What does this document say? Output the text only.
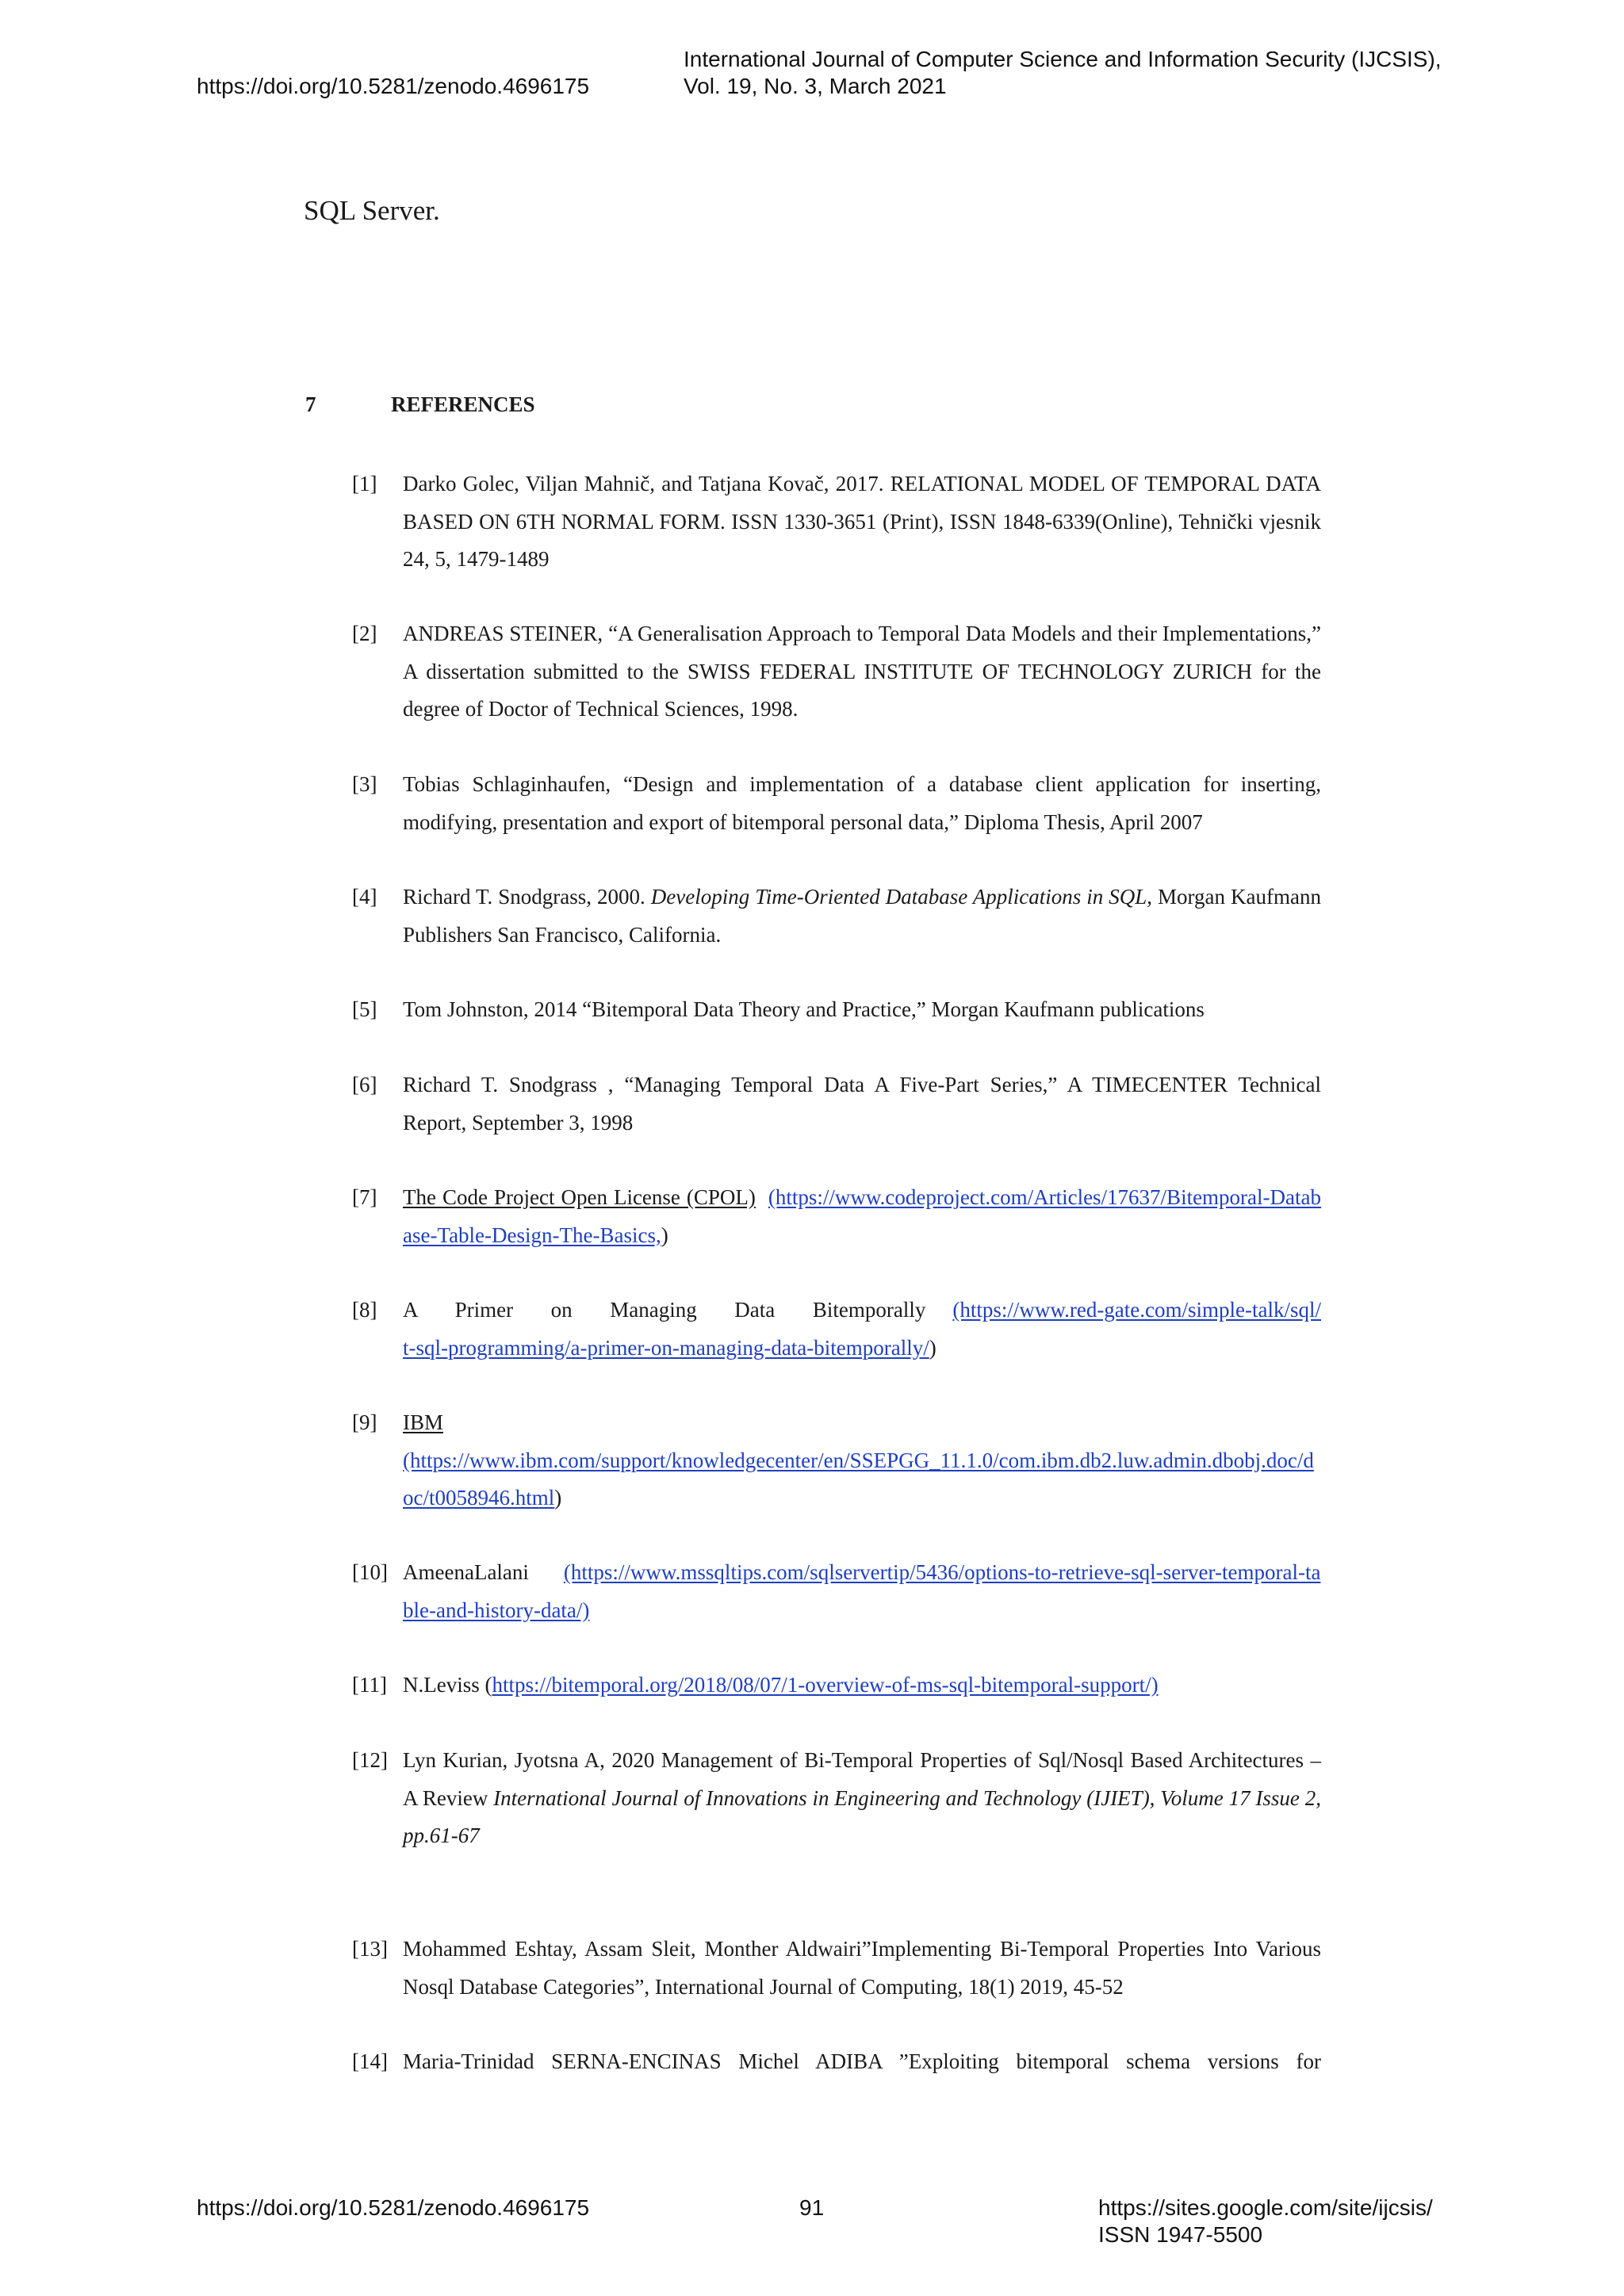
https://doi.org/10.5281/zenodo.4696175
International Journal of Computer Science and Information Security (IJCSIS),
Vol. 19, No. 3, March 2021
SQL Server.
7	REFERENCES
[1] Darko Golec, Viljan Mahnič, and Tatjana Kovač, 2017. RELATIONAL MODEL OF TEMPORAL DATA BASED ON 6TH NORMAL FORM. ISSN 1330-3651 (Print), ISSN 1848-6339(Online), Tehnički vjesnik 24, 5, 1479-1489
[2] ANDREAS STEINER, “A Generalisation Approach to Temporal Data Models and their Implementations,” A dissertation submitted to the SWISS FEDERAL INSTITUTE OF TECHNOLOGY ZURICH for the degree of Doctor of Technical Sciences, 1998.
[3] Tobias Schlaginhaufen, “Design and implementation of a database client application for inserting, modifying, presentation and export of bitemporal personal data,” Diploma Thesis, April 2007
[4] Richard T. Snodgrass, 2000. Developing Time-Oriented Database Applications in SQL, Morgan Kaufmann Publishers San Francisco, California.
[5] Tom Johnston, 2014 “Bitemporal Data Theory and Practice,” Morgan Kaufmann publications
[6] Richard T. Snodgrass , “Managing Temporal Data A Five-Part Series,” A TIMECENTER Technical Report, September 3, 1998
[7] The Code Project Open License (CPOL) (https://www.codeproject.com/Articles/17637/Bitemporal-Database-Table-Design-The-Basics,)
[8] A Primer on Managing Data Bitemporally (https://www.red-gate.com/simple-talk/sql/t-sql-programming/a-primer-on-managing-data-bitemporally/)
[9] IBM
(https://www.ibm.com/support/knowledgecenter/en/SSEPGG_11.1.0/com.ibm.db2.luw.admin.dbobj.doc/doc/t0058946.html)
[10] AmeenaLalani (https://www.mssqltips.com/sqlservertip/5436/options-to-retrieve-sql-server-temporal-table-and-history-data/)
[11] N.Leviss (https://bitemporal.org/2018/08/07/1-overview-of-ms-sql-bitemporal-support/)
[12] Lyn Kurian, Jyotsna A, 2020 Management of Bi-Temporal Properties of Sql/Nosql Based Architectures – A Review International Journal of Innovations in Engineering and Technology (IJIET), Volume 17 Issue 2, pp.61-67
[13] Mohammed Eshtay, Assam Sleit, Monther Aldwairi”Implementing Bi-Temporal Properties Into Various Nosql Database Categories”, International Journal of Computing, 18(1) 2019, 45-52
[14] Maria-Trinidad SERNA-ENCINAS Michel ADIBA ”Exploiting bitemporal schema versions for
https://doi.org/10.5281/zenodo.4696175	91	https://sites.google.com/site/ijcsis/
ISSN 1947-5500
